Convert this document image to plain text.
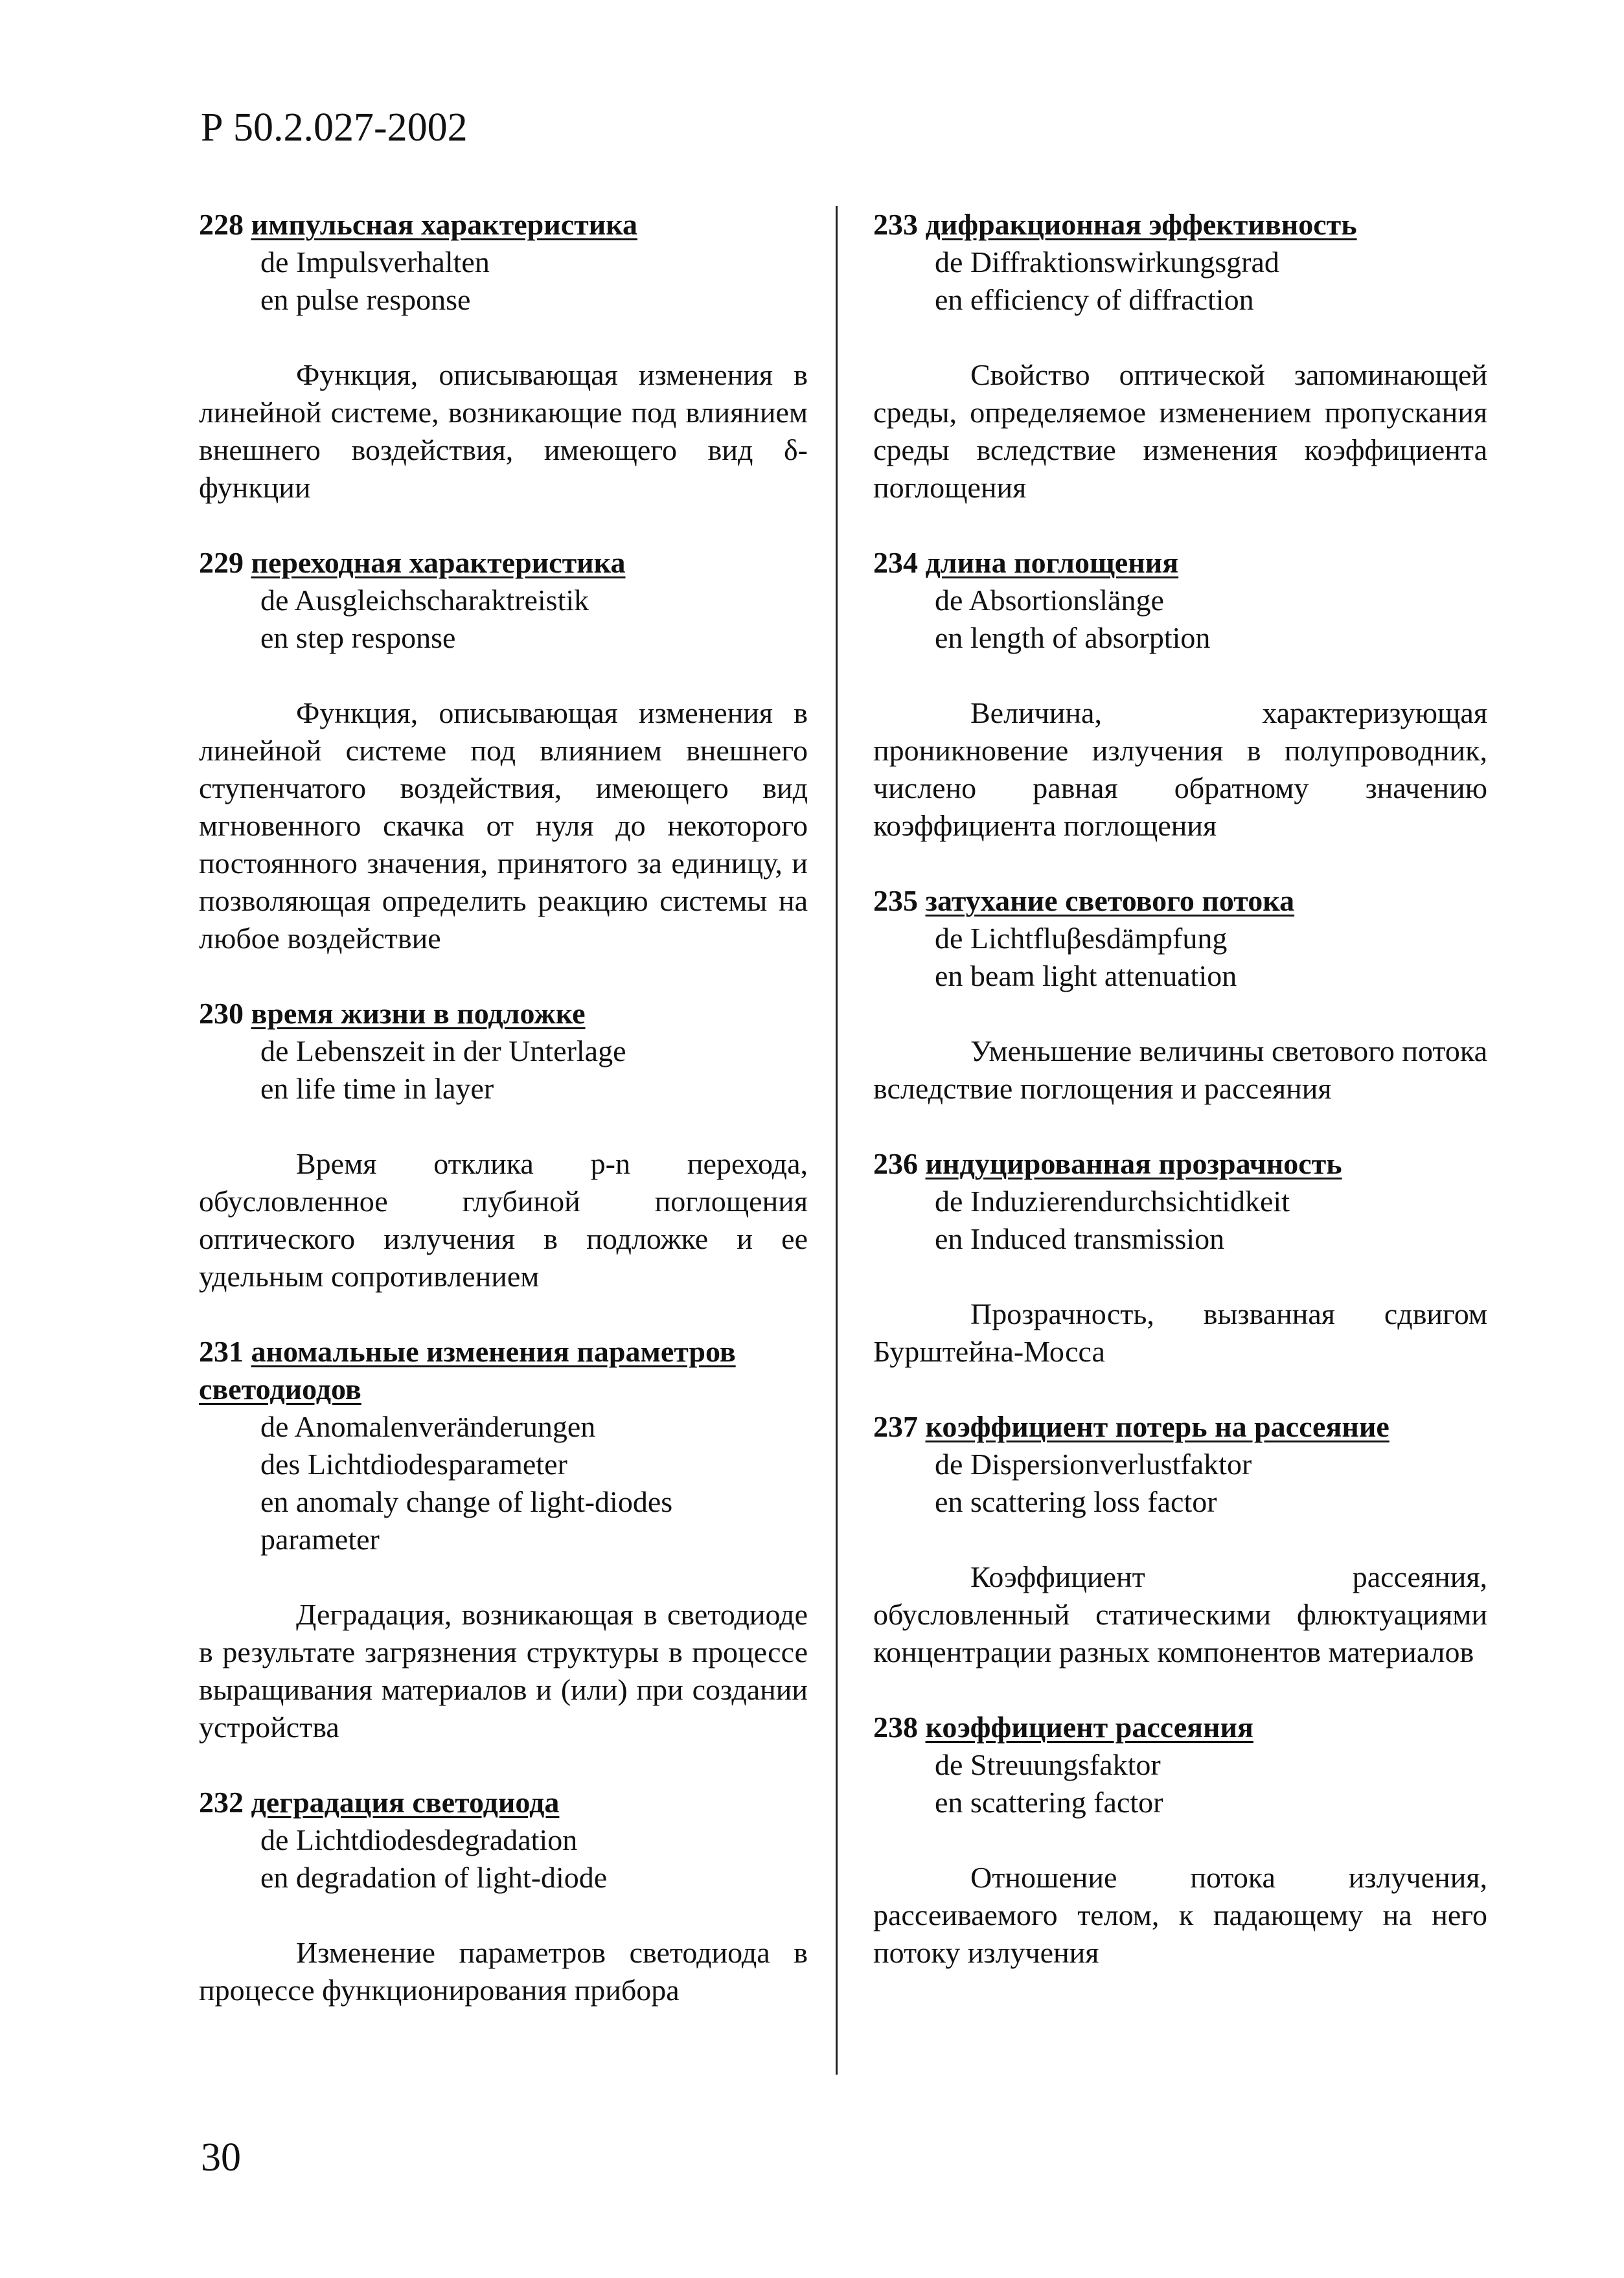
Р 50.2.027-2002
228 импульсная характеристика
de Impulsverhalten
en pulse response
Функция, описывающая изменения в линейной системе, возникающие под влиянием внешнего воздействия, имеющего вид δ-функции
229 переходная характеристика
de Ausgleichscharaktreistik
en step response
Функция, описывающая изменения в линейной системе под влиянием внешнего ступенчатого воздействия, имеющего вид мгновенного скачка от нуля до некоторого постоянного значения, принятого за единицу, и позволяющая определить реакцию системы на любое воздействие
230 время жизни в подложке
de Lebenszeit in der Unterlage
en life time in layer
Время отклика p-n перехода, обусловленное глубиной поглощения оптического излучения в подложке и ее удельным сопротивлением
231 аномальные изменения параметров светодиодов
de Anomalenveränderungen
des Lichtdiodesparameter
en anomaly change of light-diodes
parameter
Деградация, возникающая в светодиоде в результате загрязнения структуры в процессе выращивания материалов и (или) при создании устройства
232 деградация светодиода
de Lichtdiodesdegradation
en degradation of light-diode
Изменение параметров светодиода в процессе функционирования прибора
233 дифракционная эффективность
de Diffraktionswirkungsgrad
en efficiency of diffraction
Свойство оптической запоминающей среды, определяемое изменением пропускания среды вследствие изменения коэффициента поглощения
234 длина поглощения
de Absortionslänge
en length of absorption
Величина, характеризующая проникновение излучения в полупроводник, числено равная обратному значению коэффициента поглощения
235 затухание светового потока
de Lichtfluβesdämpfung
en beam light attenuation
Уменьшение величины светового потока вследствие поглощения и рассеяния
236 индуцированная прозрачность
de Induzierendurchsichtidkeit
en Induced transmission
Прозрачность, вызванная сдвигом Бурштейна-Мосса
237 коэффициент потерь на рассеяние
de Dispersionverlustfaktor
en scattering loss factor
Коэффициент рассеяния, обусловленный статическими флюктуациями концентрации разных компонентов материалов
238 коэффициент рассеяния
de Streuungsfaktor
en scattering factor
Отношение потока излучения, рассеиваемого телом, к падающему на него потоку излучения
30
